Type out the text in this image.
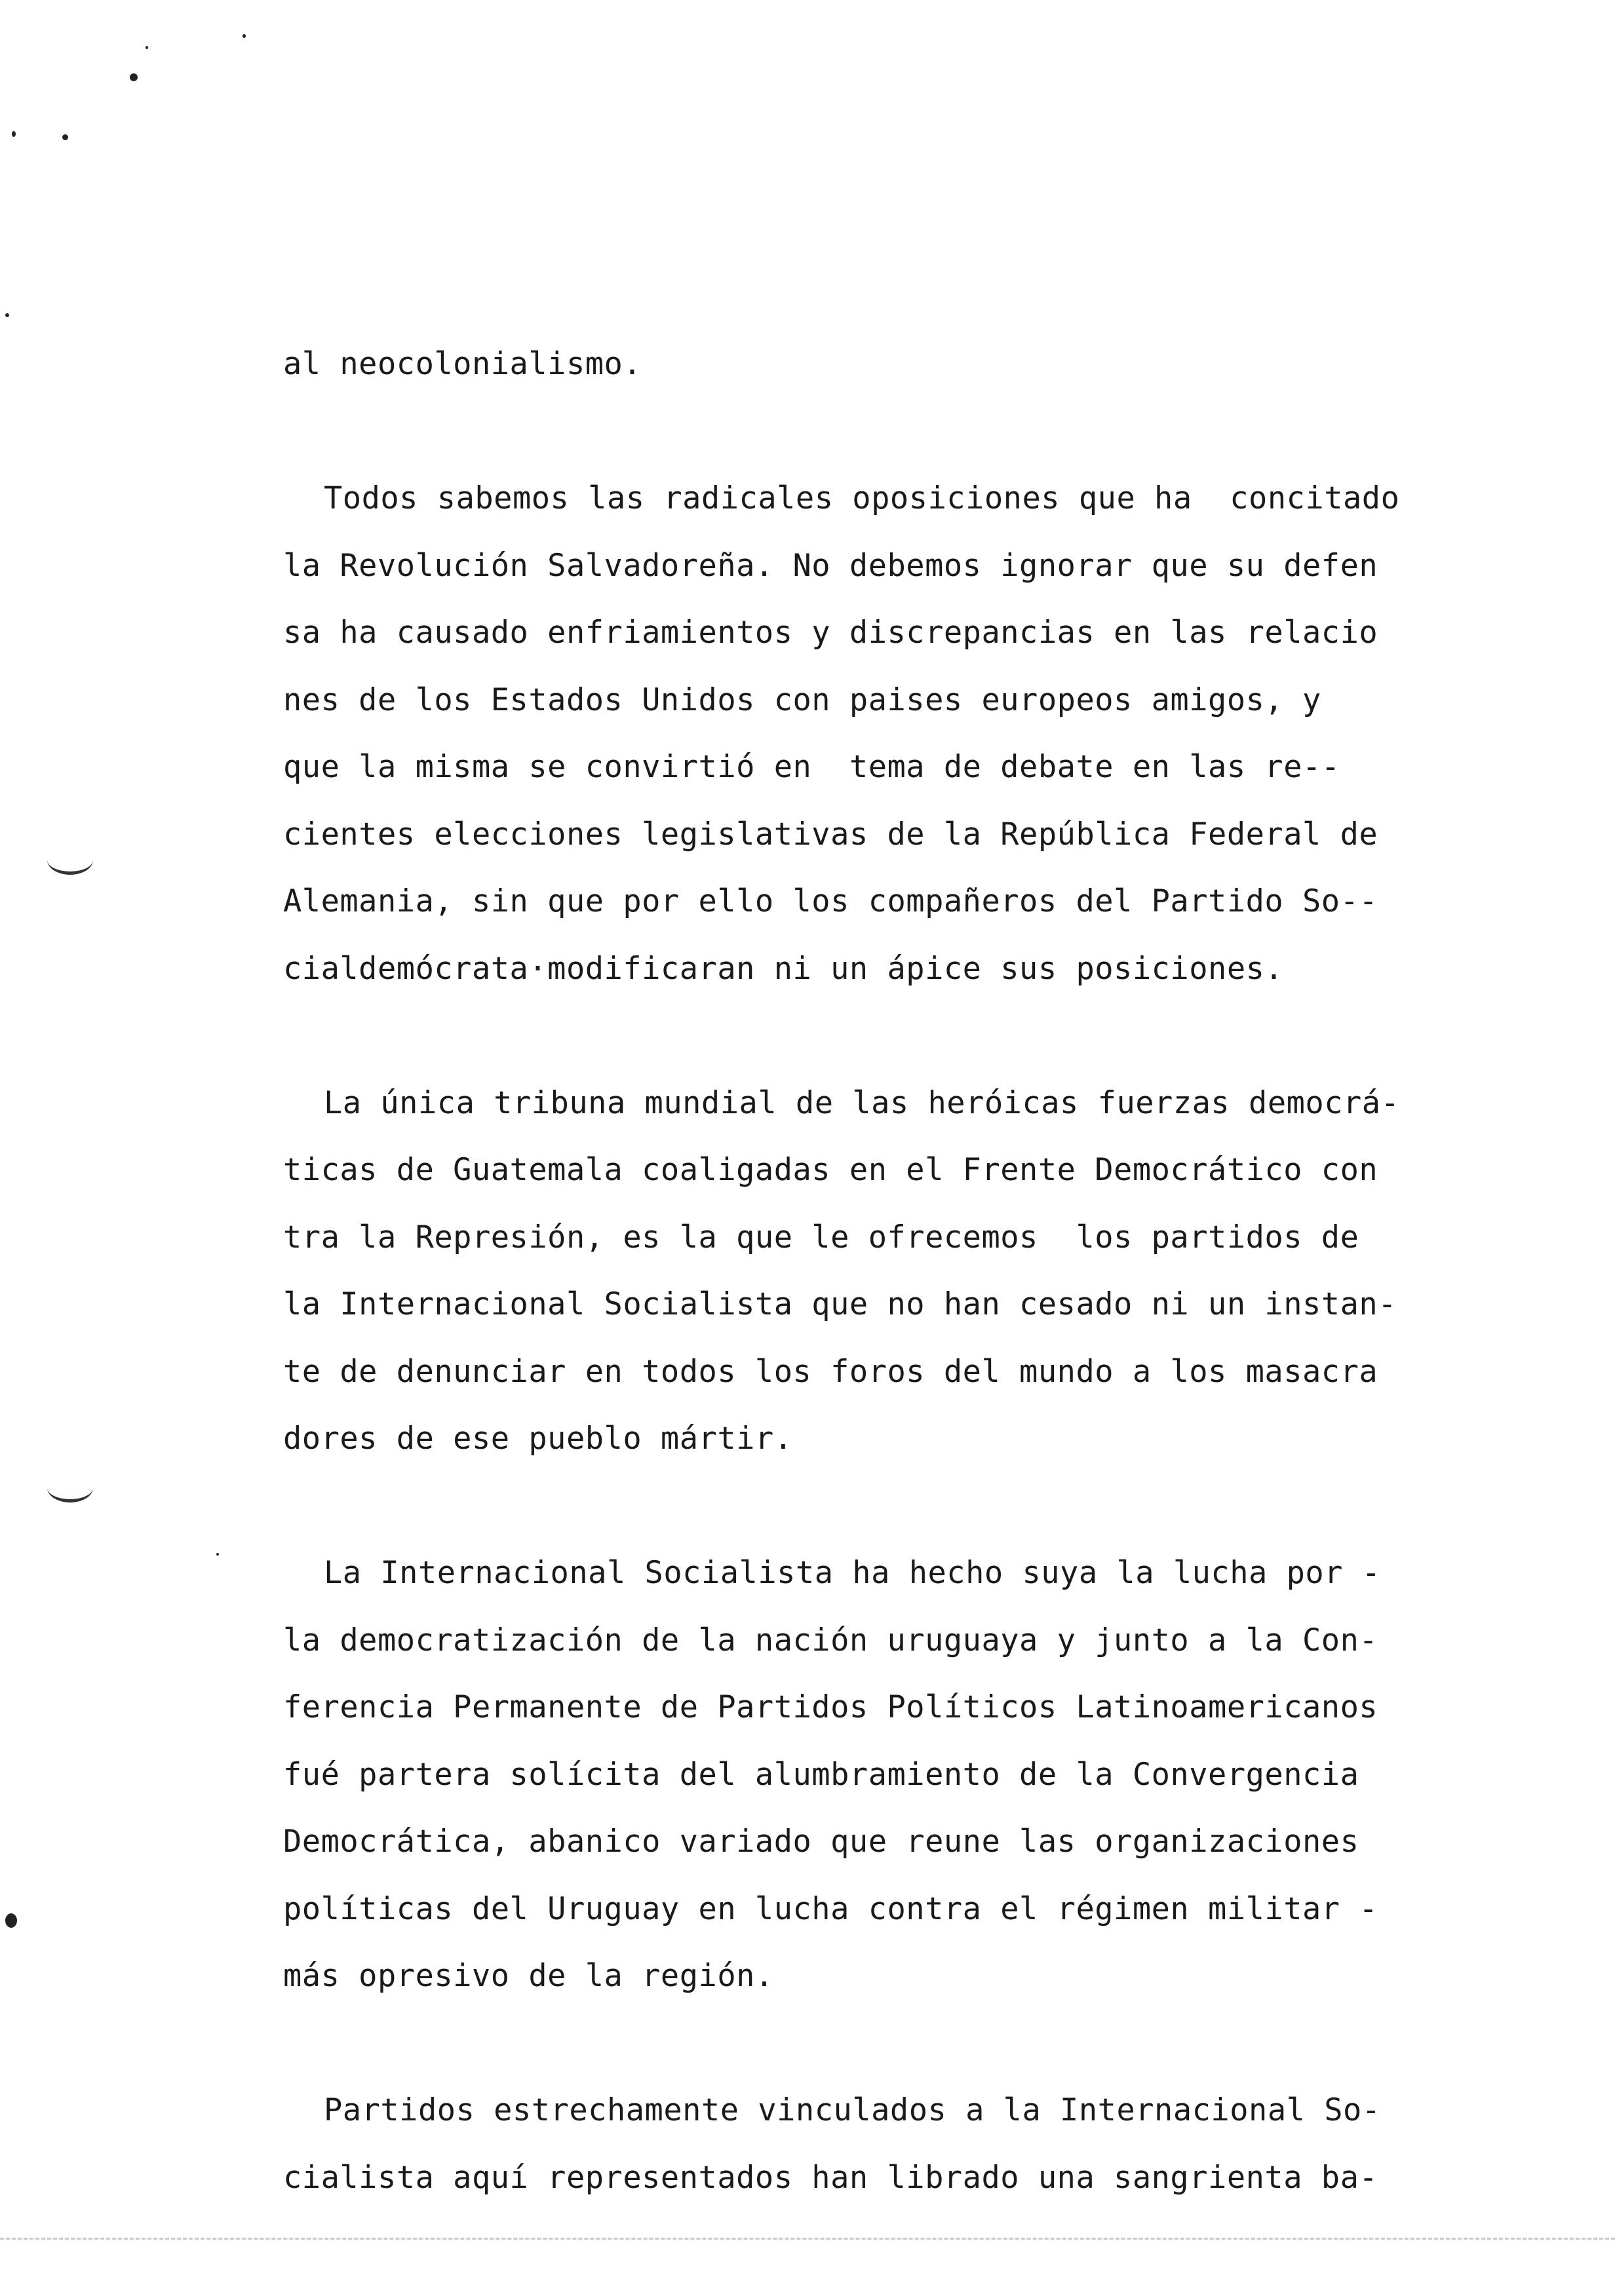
al neocolonialismo.
Todos sabemos las radicales oposiciones que ha  concitado
la Revolución Salvadoreña. No debemos ignorar que su defen
sa ha causado enfriamientos y discrepancias en las relacio
nes de los Estados Unidos con paises europeos amigos, y
que la misma se convirtió en  tema de debate en las re--
cientes elecciones legislativas de la República Federal de
Alemania, sin que por ello los compañeros del Partido So--
cialdemócrata·modificaran ni un ápice sus posiciones.
La única tribuna mundial de las heróicas fuerzas democrá-
ticas de Guatemala coaligadas en el Frente Democrático con
tra la Represión, es la que le ofrecemos  los partidos de
la Internacional Socialista que no han cesado ni un instan-
te de denunciar en todos los foros del mundo a los masacra
dores de ese pueblo mártir.
La Internacional Socialista ha hecho suya la lucha por -
la democratización de la nación uruguaya y junto a la Con-
ferencia Permanente de Partidos Políticos Latinoamericanos
fué partera solícita del alumbramiento de la Convergencia
Democrática, abanico variado que reune las organizaciones
políticas del Uruguay en lucha contra el régimen militar -
más opresivo de la región.
Partidos estrechamente vinculados a la Internacional So-
cialista aquí representados han librado una sangrienta ba-
